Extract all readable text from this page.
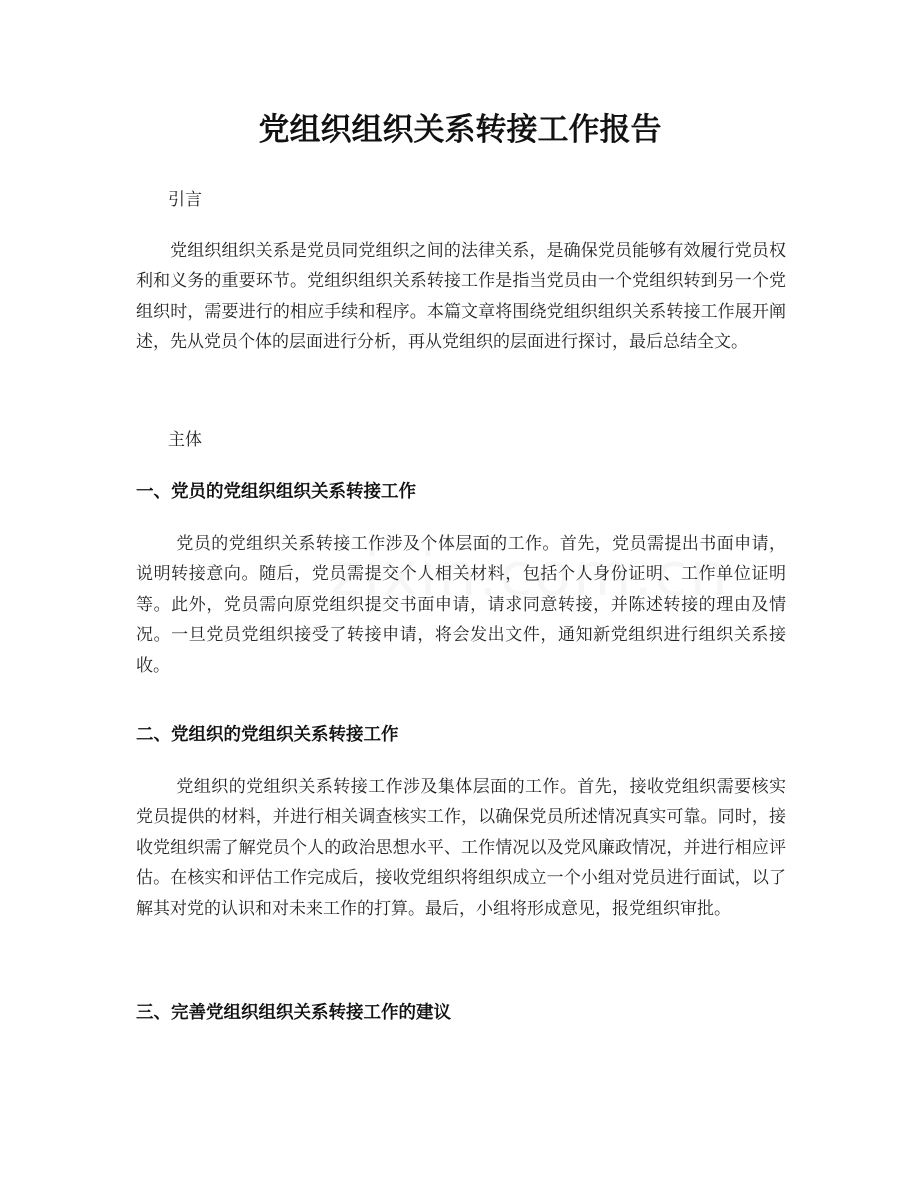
党组织组织关系转接工作报告

引言

党组织组织关系是党员同党组织之间的法律关系，是确保党员能够有效履行党员权利和义务的重要环节。党组织组织关系转接工作是指当党员由一个党组织转到另一个党组织时，需要进行的相应手续和程序。本篇文章将围绕党组织组织关系转接工作展开阐述，先从党员个体的层面进行分析，再从党组织的层面进行探讨，最后总结全文。

主体

一、党员的党组织组织关系转接工作

党员的党组织关系转接工作涉及个体层面的工作。首先，党员需提出书面申请，说明转接意向。随后，党员需提交个人相关材料，包括个人身份证明、工作单位证明等。此外，党员需向原党组织提交书面申请，请求同意转接，并陈述转接的理由及情况。一旦党员党组织接受了转接申请，将会发出文件，通知新党组织进行组织关系接收。

二、党组织的党组织关系转接工作

党组织的党组织关系转接工作涉及集体层面的工作。首先，接收党组织需要核实党员提供的材料，并进行相关调查核实工作，以确保党员所述情况真实可靠。同时，接收党组织需了解党员个人的政治思想水平、工作情况以及党风廉政情况，并进行相应评估。在核实和评估工作完成后，接收党组织将组织成立一个小组对党员进行面试，以了解其对党的认识和对未来工作的打算。最后，小组将形成意见，报党组织审批。

三、完善党组织组织关系转接工作的建议
